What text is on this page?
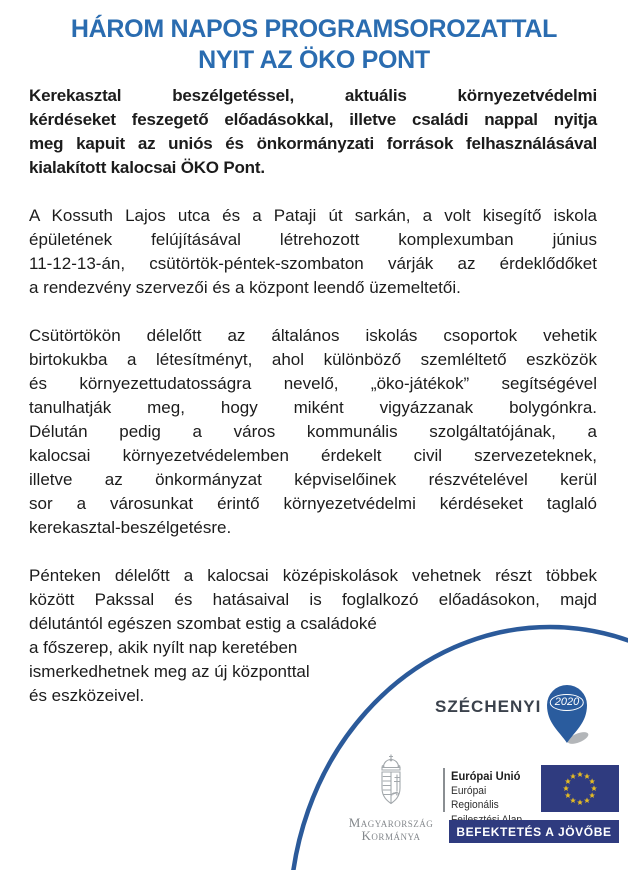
HÁROM NAPOS PROGRAMSOROZATTAL
NYIT AZ ÖKO PONT
Kerekasztal beszélgetéssel, aktuális környezetvédelmi
kérdéseket feszegető előadásokkal, illetve családi nappal nyitja
meg kapuit az uniós és önkormányzati források felhasználásával
kialakított kalocsai ÖKO Pont.
A Kossuth Lajos utca és a Pataji út sarkán, a volt kisegítő iskola
épületének felújításával létrehozott komplexumban június
11-12-13-án, csütörtök-péntek-szombaton várják az érdeklődőket
a rendezvény szervezői és a központ leendő üzemeltetői.
Csütörtökön délelőtt az általános iskolás csoportok vehetik
birtokukba a létesítményt, ahol különböző szemléltető eszközök
és környezettudatosságra nevelő, „öko-játékok” segítségével
tanulhatják meg, hogy miként vigyázzanak bolygónkra.
Délután pedig a város kommunális szolgáltatójának, a
kalocsai környezetvédelemben érdekelt civil szervezeteknek,
illetve az önkormányzat képviselőinek részvételével kerül
sor a városunkat érintő környezetvédelmi kérdéseket taglaló
kerekasztal-beszélgetésre.
Pénteken délelőtt a kalocsai középiskolások vehetnek részt többek
között Pakssal és hatásaival is foglalkozó előadásokon, majd
délutántól egészen szombat estig a családoké
a főszerep, akik nyílt nap keretében
ismerkedhetnek meg az új központtal
és eszközeivel.
SZÉCHENYI	2020
Magyarország
Kormánya
Európai Unió
Európai Regionális
BEFEKTETÉS A JÖVŐBE
